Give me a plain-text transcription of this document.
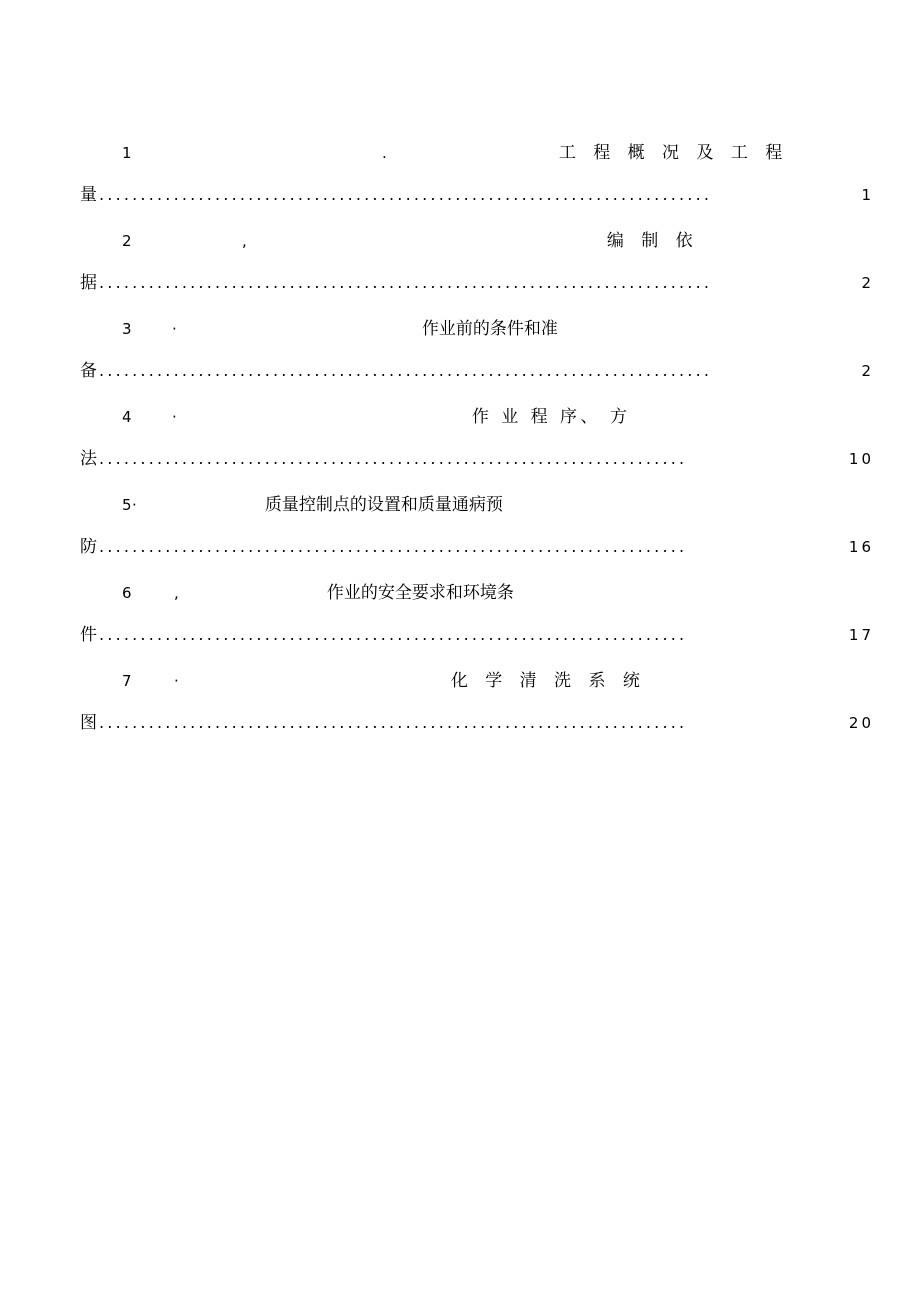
1	.	工 程 概 况 及 工 程
量 ..........................................................................	1
2	,	编 制 依
据 ..........................................................................	2
3	·	作业前的条件和准
备 ..........................................................................	2
4	·	作 业 程 序、 方
法 .......................................................................	10
5 ·	质量控制点的设置和质量通病预
防 .......................................................................	16
6	,	作业的安全要求和环境条
件 .......................................................................	17
7	·	化 学 清 洗 系 统
图 .......................................................................	20
